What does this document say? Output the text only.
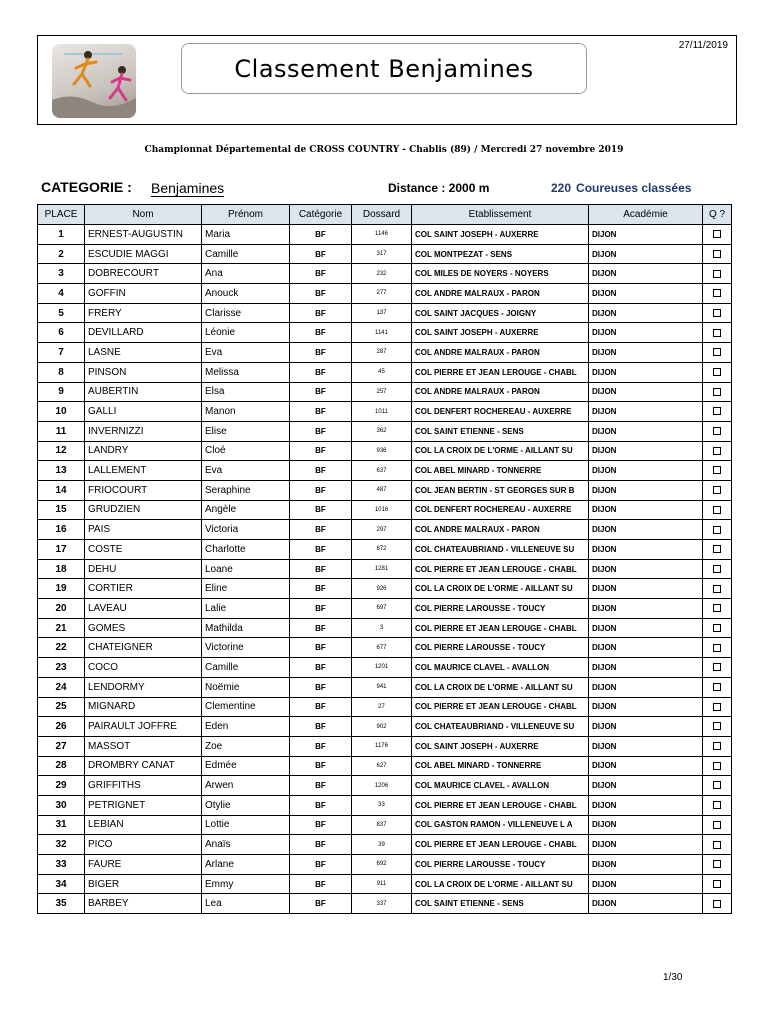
Classement Benjamines
27/11/2019
Championnat Départemental de CROSS COUNTRY - Chablis (89) / Mercredi 27 novembre 2019
CATEGORIE : Benjamines	Distance : 2000 m	220 Coureuses classées
PLACE	Nom	Prénom	Catégorie	Dossard	Etablissement	Académie	Q ?
1	ERNEST-AUGUSTIN	Maria	BF	1146	COL SAINT JOSEPH - AUXERRE	DIJON	
2	ESCUDIE MAGGI	Camille	BF	317	COL MONTPEZAT - SENS	DIJON	
3	DOBRECOURT	Ana	BF	232	COL MILES DE NOYERS - NOYERS	DIJON	
4	GOFFIN	Anouck	BF	277	COL ANDRE MALRAUX - PARON	DIJON	
5	FRERY	Clarisse	BF	137	COL SAINT JACQUES - JOIGNY	DIJON	
6	DEVILLARD	Léonie	BF	1141	COL SAINT JOSEPH - AUXERRE	DIJON	
7	LASNE	Eva	BF	287	COL ANDRE MALRAUX - PARON	DIJON	
8	PINSON	Melissa	BF	45	COL PIERRE ET JEAN LEROUGE - CHABL	DIJON	
9	AUBERTIN	Elsa	BF	257	COL ANDRE MALRAUX - PARON	DIJON	
10	GALLI	Manon	BF	1011	COL DENFERT ROCHEREAU - AUXERRE	DIJON	
11	INVERNIZZI	Elise	BF	362	COL SAINT ETIENNE - SENS	DIJON	
12	LANDRY	Cloé	BF	936	COL LA CROIX DE L'ORME - AILLANT SU	DIJON	
13	LALLEMENT	Eva	BF	637	COL ABEL MINARD - TONNERRE	DIJON	
14	FRIOCOURT	Seraphine	BF	487	COL JEAN BERTIN - ST GEORGES SUR B	DIJON	
15	GRUDZIEN	Angèle	BF	1016	COL DENFERT ROCHEREAU - AUXERRE	DIJON	
16	PAIS	Victoria	BF	297	COL ANDRE MALRAUX - PARON	DIJON	
17	COSTE	Charlotte	BF	872	COL CHATEAUBRIAND - VILLENEUVE SU	DIJON	
18	DEHU	Loane	BF	1281	COL PIERRE ET JEAN LEROUGE - CHABL	DIJON	
19	CORTIER	Eline	BF	926	COL LA CROIX DE L'ORME - AILLANT SU	DIJON	
20	LAVEAU	Lalie	BF	697	COL PIERRE LAROUSSE - TOUCY	DIJON	
21	GOMES	Mathilda	BF	3	COL PIERRE ET JEAN LEROUGE - CHABL	DIJON	
22	CHATEIGNER	Victorine	BF	677	COL PIERRE LAROUSSE - TOUCY	DIJON	
23	COCO	Camille	BF	1201	COL MAURICE CLAVEL - AVALLON	DIJON	
24	LENDORMY	Noëmie	BF	941	COL LA CROIX DE L'ORME - AILLANT SU	DIJON	
25	MIGNARD	Clementine	BF	27	COL PIERRE ET JEAN LEROUGE - CHABL	DIJON	
26	PAIRAULT JOFFRE	Eden	BF	902	COL CHATEAUBRIAND - VILLENEUVE SU	DIJON	
27	MASSOT	Zoe	BF	1176	COL SAINT JOSEPH - AUXERRE	DIJON	
28	DROMBRY CANAT	Edmée	BF	627	COL ABEL MINARD - TONNERRE	DIJON	
29	GRIFFITHS	Arwen	BF	1206	COL MAURICE CLAVEL - AVALLON	DIJON	
30	PETRIGNET	Otylie	BF	33	COL PIERRE ET JEAN LEROUGE - CHABL	DIJON	
31	LEBIAN	Lottie	BF	837	COL GASTON RAMON - VILLENEUVE L A	DIJON	
32	PICO	Anaïs	BF	39	COL PIERRE ET JEAN LEROUGE - CHABL	DIJON	
33	FAURE	Arlane	BF	692	COL PIERRE LAROUSSE - TOUCY	DIJON	
34	BIGER	Emmy	BF	911	COL LA CROIX DE L'ORME - AILLANT SU	DIJON	
35	BARBEY	Lea	BF	337	COL SAINT ETIENNE - SENS	DIJON	
1/30
